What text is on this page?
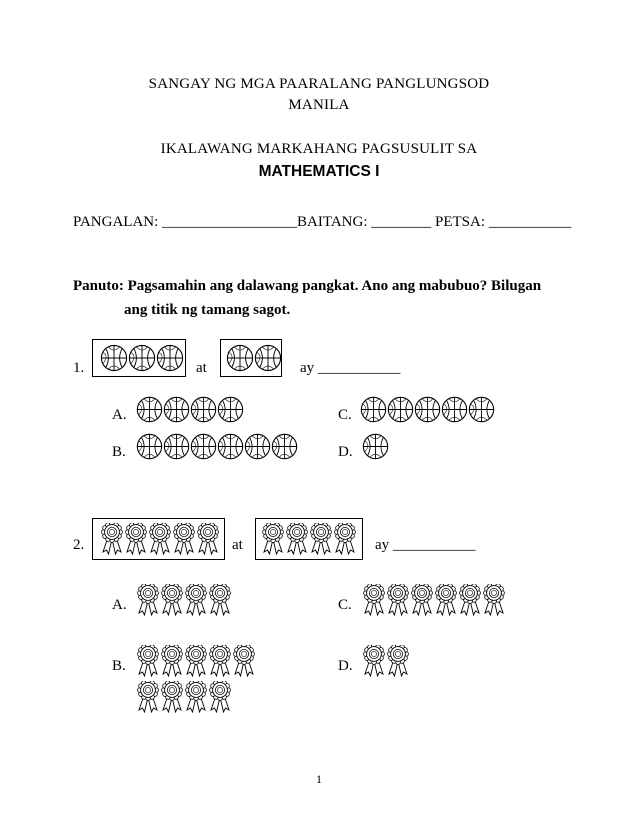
SANGAY NG MGA PAARALANG PANGLUNGSOD
MANILA
IKALAWANG MARKAHANG PAGSUSULIT SA
MATHEMATICS I
PANGALAN: __________________BAITANG: ________ PETSA: ___________
Panuto: Pagsamahin ang dalawang pangkat. Ano ang mabubuo? Bilugan
ang titik ng tamang sagot.
1.	at	ay ___________
A.
B.
C.
D.
2.	at	ay ___________
A.
B.
C.
D.
1
